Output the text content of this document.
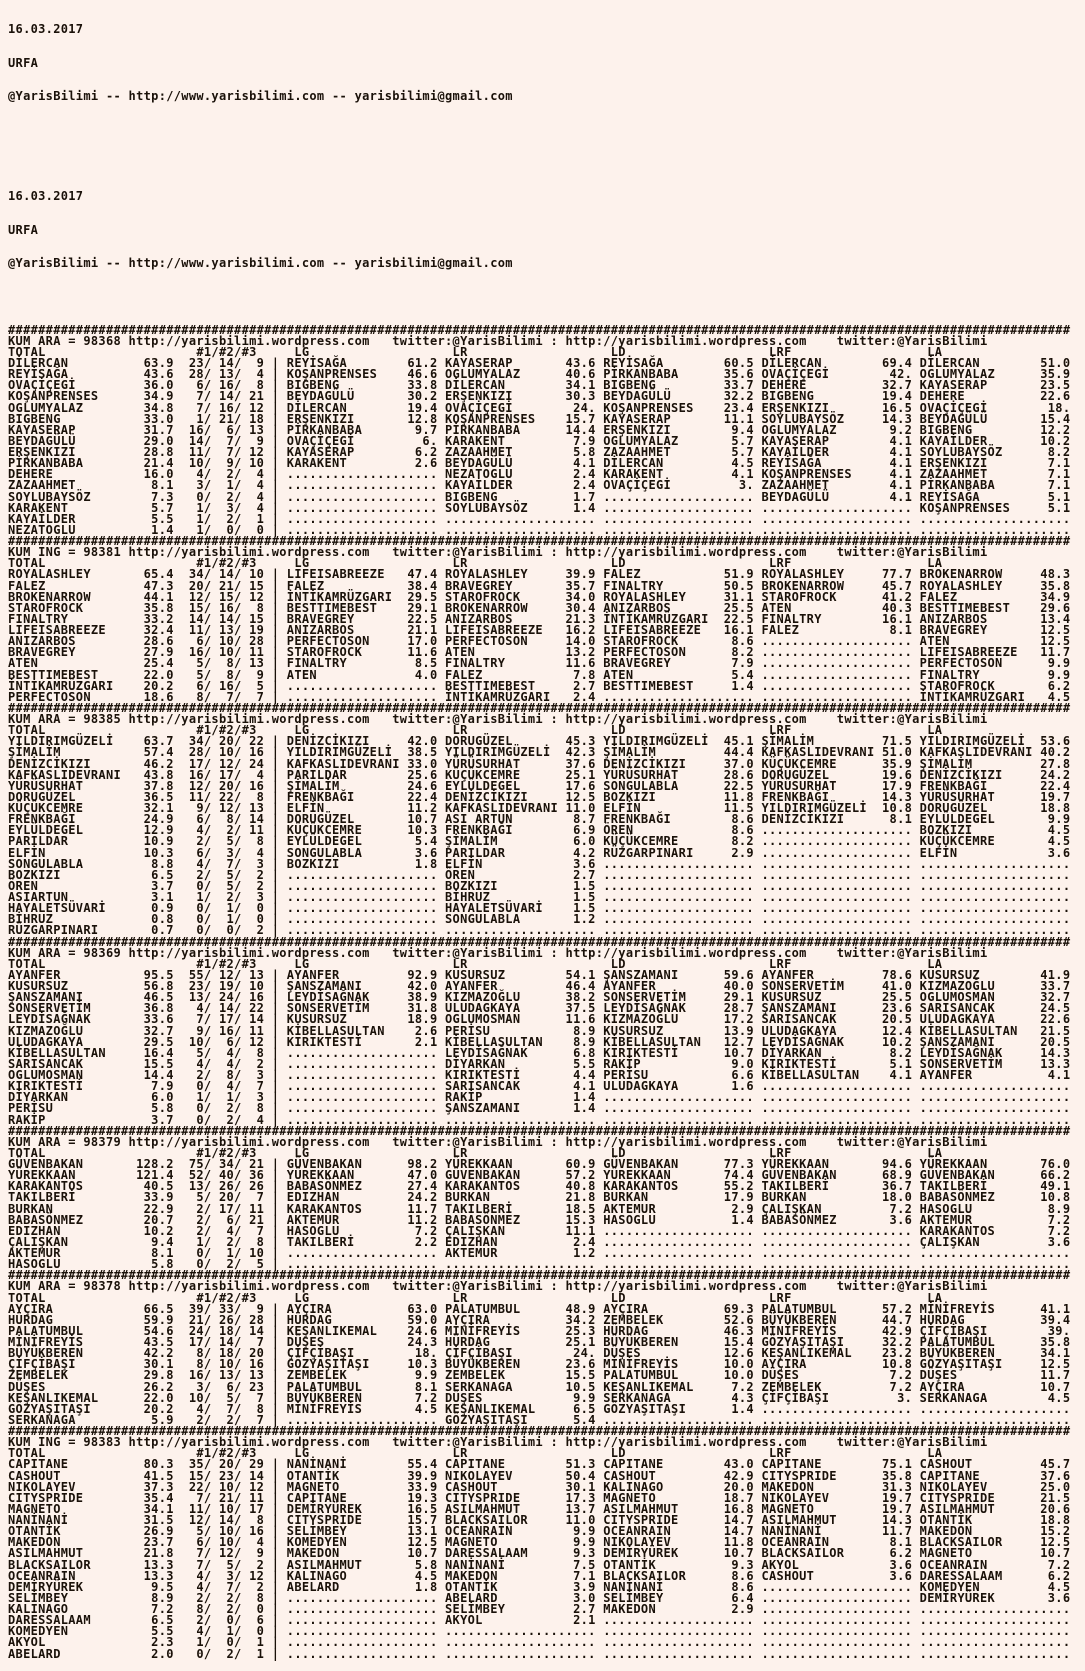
16.03.2017

URFA

@YarisBilimi -- http://www.yarisbilimi.com -- yarisbilimi@gmail.com

16.03.2017

URFA

@YarisBilimi -- http://www.yarisbilimi.com -- yarisbilimi@gmail.com

#############################################################################################################################################
KUM ARA = 98368 http://yarisbilimi.wordpress.com   twitter:@YarisBilimi : http://yarisbilimi.wordpress.com    twitter:@YarisBilimi
TOTAL                    #1/#2/#3     LG                   LR                   LD                   LRF                  LA
DİLERCAN          63.9  23/ 14/  9 | REYİSAĞA        61.2 KAYASERAP       43.6 REYİSAĞA        60.5 DİLERCAN        69.4 DİLERCAN        51.0
REYİSAĞA          43.6  28/ 13/  4 | KOŞANPRENSES    46.6 OGLUMYALAZ      40.6 PİRKANBABA      35.6 OVAÇİÇEGİ        42. OGLUMYALAZ      35.9
OVAÇİÇEGİ         36.0   6/ 16/  8 | BIGBENG         33.8 DİLERCAN        34.1 BIGBENG         33.7 DEHERE          32.7 KAYASERAP       23.5
KOŞANPRENSES      34.9   7/ 14/ 21 | BEYDAGÜLÜ       30.2 ERŞENKIZI       30.3 BEYDAGÜLÜ       32.2 BIGBENG         19.4 DEHERE          22.6
OGLUMYALAZ        34.8   7/ 16/ 12 | DİLERCAN        19.4 OVAÇİÇEGİ        24. KOŞANPRENSES    23.4 ERŞENKIZI       16.5 OVAÇİÇEGİ        18.
BIGBENG           33.0   1/ 21/ 18 | ERŞENKIZI       12.8 KOŞANPRENSES    15.7 KAYASERAP       11.1 SOYLUBAYSÖZ     14.3 BEYDAGÜLÜ       15.4
KAYASERAP         31.7  16/  6/ 13 | PİRKANBABA       9.7 PİRKANBABA      14.4 ERŞENKIZI        9.4 OGLUMYALAZ       9.2 BIGBENG         12.2
BEYDAGÜLÜ         29.0  14/  7/  9 | OVAÇİÇEGİ         6. KARAKENT         7.9 OGLUMYALAZ       5.7 KAYASERAP        4.1 KAYAİLDER       10.2
ERŞENKIZI         28.8  11/  7/ 12 | KAYASERAP        6.2 ZAZAAHMET        5.8 ZAZAAHMET        5.7 KAYAİLDER        4.1 SOYLUBAYSÖZ      8.2
PİRKANBABA        21.4  10/  9/ 10 | KARAKENT         2.6 BEYDAGÜLÜ        4.1 DİLERCAN         4.5 REYİSAĞA         4.1 ERŞENKIZI        7.1
DEHERE            16.0   4/  2/  4 | .................... NEZATOGLU        2.4 KARAKENT         4.1 KOŞANPRENSES     4.1 ZAZAAHMET        7.1
ZAZAAHMET          8.1   3/  1/  4 | .................... KAYAİLDER        2.4 OVAÇİÇEGİ         3. ZAZAAHMET        4.1 PİRKANBABA       7.1
SOYLUBAYSÖZ        7.3   0/  2/  4 | .................... BIGBENG          1.7 .................... BEYDAGÜLÜ        4.1 REYİSAĞA         5.1
KARAKENT           5.7   1/  3/  4 | .................... SOYLUBAYSÖZ      1.4 .................... .................... KOŞANPRENSES     5.1
KAYAİLDER          5.5   1/  2/  1 | .................... .................... .................... .................... ....................
NEZATOGLU          1.4   1/  0/  0 | .................... .................... .................... .................... ....................
#############################################################################################################################################
KUM ING = 98381 http://yarisbilimi.wordpress.com   twitter:@YarisBilimi : http://yarisbilimi.wordpress.com    twitter:@YarisBilimi
TOTAL                    #1/#2/#3     LG                   LR                   LD                   LRF                  LA
ROYALASHLEY       65.4  34/ 14/ 10 | LIFEISABREEZE   47.4 ROYALASHLEY     39.9 FALEZ           51.9 ROYALASHLEY     77.7 BROKENARROW     48.3
FALEZ             47.3  20/ 21/ 15 | FALEZ           38.4 BRAVEGREY       35.7 FINALTRY        50.5 BROKENARROW     45.7 ROYALASHLEY     35.8
BROKENARROW       44.1  12/ 15/ 12 | İNTİKAMRÜZGARI  29.5 STAROFROCK      34.0 ROYALASHLEY     31.1 STAROFROCK      41.2 FALEZ           34.9
STAROFROCK        35.8  15/ 16/  8 | BESTTIMEBEST    29.1 BROKENARROW     30.4 ANIZARBOS       25.5 ATEN            40.3 BESTTIMEBEST    29.6
FINALTRY          33.2  14/ 14/ 15 | BRAVEGREY       22.5 ANIZARBOS       21.3 İNTİKAMRÜZGARI  22.5 FINALTRY        16.1 ANIZARBOS       13.4
LIFEISABREEZE     32.4  11/ 13/ 19 | ANIZARBOS       21.1 LIFEISABREEZE   16.2 LIFEISABREEZE   16.1 FALEZ            8.1 BRAVEGREY       12.5
ANIZARBOS         28.6   6/ 10/ 28 | PERFECTOSON     17.0 PERFECTOSON     14.0 STAROFROCK       8.6 .................... ATEN            12.5
BRAVEGREY         27.9  16/ 10/ 11 | STAROFROCK      11.6 ATEN            13.2 PERFECTOSON      8.2 .................... LIFEISABREEZE   11.7
ATEN              25.4   5/  8/ 13 | FINALTRY         8.5 FINALTRY        11.6 BRAVEGREY        7.9 .................... PERFECTOSON      9.9
BESTTIMEBEST      22.0   5/  8/  9 | ATEN             4.0 FALEZ            7.8 ATEN             5.4 .................... FINALTRY         9.9
İNTİKAMRÜZGARI    20.2   6/ 16/  5 | .................... BESTTIMEBEST     2.7 BESTTIMEBEST     1.4 .................... STAROFROCK       6.2
PERFECTOSON       18.6   8/  7/  7 | .................... İNTİKAMRÜZGARI   2.4 .................... .................... İNTİKAMRÜZGARI   4.5
#############################################################################################################################################
KUM ARA = 98385 http://yarisbilimi.wordpress.com   twitter:@YarisBilimi : http://yarisbilimi.wordpress.com    twitter:@YarisBilimi
TOTAL                    #1/#2/#3     LG                   LR                   LD                   LRF                  LA
YILDIRIMGÜZELİ    63.7  34/ 20/ 22 | DENİZCİKIZI     42.0 DORUGÜZEL       45.3 YILDIRIMGÜZELİ  45.1 ŞİMALİM         71.5 YILDIRIMGÜZELİ  53.6
ŞİMALİM           57.4  28/ 10/ 16 | YILDIRIMGÜZELİ  38.5 YILDIRIMGÜZELİ  42.3 ŞİMALİM         44.4 KAFKASLIDEVRANI 51.0 KAFKASLIDEVRANI 40.2
DENİZCİKIZI       46.2  17/ 12/ 24 | KAFKASLIDEVRANI 33.0 YÜRÜSURHAT      37.6 DENİZCİKIZI     37.0 KÜÇÜKCEMRE      35.9 ŞİMALİM         27.8
KAFKASLIDEVRANI   43.8  16/ 17/  4 | PARILDAR        25.6 KÜÇÜKCEMRE      25.1 YÜRÜSURHAT      28.6 DORUGÜZEL       19.6 DENİZCİKIZI     24.2
YÜRÜSURHAT        37.8  12/ 20/ 16 | ŞİMALİM         24.6 EYLÜLDEGEL      17.6 SONGULABLA      22.5 YÜRÜSURHAT      17.9 FRENKBAĞI       22.4
DORUGÜZEL         36.5  11/ 22/  8 | FRENKBAĞI       22.4 DENİZCİKIZI     12.5 BOZKIZI         11.8 FRENKBAĞI       14.3 YÜRÜSURHAT      19.7
KÜÇÜKCEMRE        32.1   9/ 12/ 13 | ELFİN           11.2 KAFKASLIDEVRANI 11.0 ELFİN           11.5 YILDIRIMGÜZELİ  10.8 DORUGÜZEL       18.8
FRENKBAĞI         24.9   6/  8/ 14 | DORUGÜZEL       10.7 ASI ARTUN        8.7 FRENKBAĞI        8.6 DENİZCİKIZI      8.1 EYLÜLDEGEL       9.9
EYLÜLDEGEL        12.9   4/  2/ 11 | KÜÇÜKCEMRE      10.3 FRENKBAĞI        6.9 ÖREN             8.6 .................... BOZKIZI          4.5
PARILDAR          10.9   2/  5/  8 | EYLÜLDEGEL       5.4 ŞİMALİM          6.0 KÜÇÜKCEMRE       8.2 .................... KÜÇÜKCEMRE       4.5
ELFİN             10.3   6/  3/  4 | SONGULABLA       3.6 PARILDAR         4.2 RÜZGARPINARI     2.9 .................... ELFİN            3.6
SONGULABLA         8.8   4/  7/  3 | BOZKIZI          1.8 ELFİN            3.6 .................... .................... ....................
BOZKIZI            6.5   2/  5/  2 | .................... ÖREN             2.7 .................... .................... ....................
ÖREN               3.7   0/  5/  2 | .................... BOZKIZI          1.5 .................... .................... ....................
ASIARTUN           3.1   1/  2/  3 | .................... BİHRUZ           1.5 .................... .................... ....................
HAYALETSÜVARİ      0.9   0/  1/  0 | .................... HAYALETSÜVARİ    1.5 .................... .................... ....................
BİHRUZ             0.8   0/  1/  0 | .................... SONGULABLA       1.2 .................... .................... ....................
RÜZGARPINARI       0.7   0/  0/  2 | .................... .................... .................... .................... ....................
#############################################################################################################################################
KUM ARA = 98369 http://yarisbilimi.wordpress.com   twitter:@YarisBilimi : http://yarisbilimi.wordpress.com    twitter:@YarisBilimi
TOTAL                    #1/#2/#3     LG                   LR                   LD                   LRF                  LA
AYANFER           95.5  55/ 12/ 13 | AYANFER         92.9 KUSURSUZ        54.1 ŞANSZAMANI      59.6 AYANFER         78.6 KUSURSUZ        41.9
KUSURSUZ          56.8  23/ 19/ 10 | ŞANSZAMANI      42.0 AYANFER         46.4 AYANFER         40.0 SONSERVETİM     41.0 KIZMAZOĞLU      33.7
ŞANSZAMANI        46.5  13/ 24/ 16 | LEYDİSAĞNAK     38.9 KIZMAZOĞLU      38.2 SONSERVETİM     29.1 KUSURSUZ        25.5 OGLUMOSMAN      32.7
SONSERVETİM       36.8   4/ 14/ 22 | SONSERVETİM     31.8 ULUDAGKAYA      37.5 LEYDİSAĞNAK     28.7 ŞANSZAMANI      23.6 SARISANCAK      24.5
LEYDİSAĞNAK       33.6   7/ 17/ 14 | KUSURSUZ        18.9 OGLUMOSMAN      11.6 KIZMAZOĞLU      17.2 SARISANCAK      20.5 ULUDAGKAYA      22.6
KIZMAZOĞLU        32.7   9/ 16/ 11 | KİBELLASULTAN    2.6 PERİSU           8.9 KUSURSUZ        13.9 ULUDAGKAYA      12.4 KİBELLASULTAN   21.5
ULUDAGKAYA        29.5  10/  6/ 12 | KIRIKTESTİ       2.1 KİBELLASULTAN    8.9 KİBELLASULTAN   12.7 LEYDİSAĞNAK     10.2 ŞANSZAMANI      20.5
KİBELLASULTAN     16.4   5/  4/  8 | .................... LEYDİSAĞNAK      6.8 KIRIKTESTİ      10.7 DİYARKAN         8.2 LEYDİSAĞNAK     14.3
SARISANCAK        15.5   4/  4/  2 | .................... DİYARKAN         5.5 RAKİP            9.0 KIRIKTESTİ       5.1 SONSERVETİM     13.3
OGLUMOSMAN        14.4   2/  8/  3 | .................... KIRIKTESTİ       4.4 PERİSU           6.6 KİBELLASULTAN    4.1 AYANFER          4.1
KIRIKTESTİ         7.9   0/  4/  7 | .................... SARISANCAK       4.1 ULUDAGKAYA       1.6 .................... ....................
DİYARKAN           6.0   1/  1/  3 | .................... RAKİP            1.4 .................... .................... ....................
PERİSU             5.8   0/  2/  8 | .................... ŞANSZAMANI       1.4 .................... .................... ....................
RAKİP              3.7   0/  2/  4 | .................... .................... .................... .................... ....................
#############################################################################################################################################
KUM ARA = 98379 http://yarisbilimi.wordpress.com   twitter:@YarisBilimi : http://yarisbilimi.wordpress.com    twitter:@YarisBilimi
TOTAL                    #1/#2/#3     LG                   LR                   LD                   LRF                  LA
GÜVENBAKAN       128.2  75/ 34/ 21 | GÜVENBAKAN      98.2 YÜREKKAAN       60.9 GÜVENBAKAN      77.3 YÜREKKAAN       94.6 YÜREKKAAN       76.0
YÜREKKAAN        121.4  52/ 40/ 36 | YÜREKKAAN       47.0 GÜVENBAKAN      57.2 YÜREKKAAN       74.4 GÜVENBAKAN      68.9 GÜVENBAKAN      66.2
KARAKANTOS        40.5  13/ 26/ 26 | BABASÖNMEZ      27.4 KARAKANTOS      40.8 KARAKANTOS      55.2 TAKILBERİ       36.7 TAKILBERİ       49.1
TAKILBERİ         33.9   5/ 20/  7 | EDIZHAN         24.2 BURKAN          21.8 BURKAN          17.9 BURKAN          18.0 BABASÖNMEZ      10.8
BURKAN            22.9   2/ 17/ 11 | KARAKANTOS      11.7 TAKILBERİ       18.5 AKTEMUR          2.9 ÇALIŞKAN         7.2 HASOGLU          8.9
BABASÖNMEZ        20.7   2/  6/ 21 | AKTEMUR         11.2 BABASÖNMEZ      15.3 HASOGLU          1.4 BABASÖNMEZ       3.6 AKTEMUR          7.2
EDIZHAN           10.2   2/  4/  7 | HASOGLU          7.2 ÇALIŞKAN        11.1 .................... .................... KARAKANTOS       7.2
ÇALIŞKAN           9.4   1/  2/  8 | TAKILBERİ        2.2 EDIZHAN          2.4 .................... .................... ÇALIŞKAN         3.6
AKTEMUR            8.1   0/  1/ 10 | .................... AKTEMUR          1.2 .................... .................... ....................
HASOGLU            5.8   0/  2/  5 | .................... .................... .................... .................... ....................
#############################################################################################################################################
KUM ARA = 98378 http://yarisbilimi.wordpress.com   twitter:@YarisBilimi : http://yarisbilimi.wordpress.com    twitter:@YarisBilimi
TOTAL                    #1/#2/#3     LG                   LR                   LD                   LRF                  LA
AYÇIRA            66.5  39/ 33/  9 | AYÇIRA          63.0 PALATUMBUL      48.9 AYÇIRA          69.3 PALATUMBUL      57.2 MİNİFREYİS      41.1
HÜRDAG            59.9  21/ 26/ 28 | HÜRDAG          59.0 AYÇIRA          34.2 ZEMBELEK        52.6 BÜYÜKBEREN      44.7 HÜRDAG          39.4
PALATUMBUL        54.6  24/ 18/ 14 | KEŞANLIKEMAL    24.6 MİNİFREYİS      25.3 HÜRDAG          46.3 MİNİFREYİS      42.9 ÇİFÇİBAŞI        39.
MİNİFREYİS        43.5  17/ 14/  7 | DÜŞES           24.3 HÜRDAG          25.1 BÜYÜKBEREN      15.4 GÖZYAŞITAŞI     32.2 PALATUMBUL      35.8
BÜYÜKBEREN        42.2   8/ 18/ 20 | ÇİFÇİBAŞI        18. ÇİFÇİBAŞI        24. DÜŞES           12.6 KEŞANLIKEMAL    23.2 BÜYÜKBEREN      34.1
ÇİFÇİBAŞI         30.1   8/ 10/ 16 | GÖZYAŞITAŞI     10.3 BÜYÜKBEREN      23.6 MİNİFREYİS      10.0 AYÇIRA          10.8 GÖZYAŞITAŞI     12.5
ZEMBELEK          29.8  16/ 13/ 13 | ZEMBELEK         9.9 ZEMBELEK        15.5 PALATUMBUL      10.0 DÜŞES            7.2 DÜŞES           11.7
DÜŞES             26.2   3/  6/ 23 | PALATUMBUL       8.1 SERKANAGA       10.5 KEŞANLIKEMAL     7.2 ZEMBELEK         7.2 AYÇIRA          10.7
KEŞANLIKEMAL      22.0  10/  5/  7 | BÜYÜKBEREN       7.2 DÜŞES            9.9 SERKANAGA        4.3 ÇİFÇİBAŞI         3. SERKANAGA        4.5
GÖZYAŞITAŞI       20.2   4/  7/  8 | MİNİFREYİS       4.5 KEŞANLIKEMAL     6.5 GÖZYAŞITAŞI      1.4 .................... ....................
SERKANAGA          5.9   2/  2/  7 | .................... GÖZYAŞITAŞI      5.4 .................... .................... ....................
#############################################################################################################################################
KUM ING = 98383 http://yarisbilimi.wordpress.com   twitter:@YarisBilimi : http://yarisbilimi.wordpress.com    twitter:@YarisBilimi
TOTAL                    #1/#2/#3     LG                   LR                   LD                   LRF                  LA
CAPITANE          80.3  35/ 20/ 29 | NANİNANİ        55.4 CAPITANE        51.3 CAPITANE        43.0 CAPITANE        75.1 CASHOUT         45.7
CASHOUT           41.5  15/ 23/ 14 | OTANTİK         39.9 NIKOLAYEV       50.4 CASHOUT         42.9 CITYSPRIDE      35.8 CAPITANE        37.6
NIKOLAYEV         37.3  22/ 10/ 12 | MAGNETO         33.9 CASHOUT         30.1 KALINAGO        20.0 MAKEDON         31.3 NIKOLAYEV       25.0
CITYSPRIDE        35.4   7/ 21/ 11 | CAPITANE        19.3 CITYSPRIDE      17.3 MAGNETO         18.7 NIKOLAYEV       19.7 CITYSPRIDE      21.5
MAGNETO           34.1  11/ 10/ 17 | DEMİRYÜREK      16.5 ASILMAHMUT      13.7 ASILMAHMUT      16.8 MAGNETO         19.7 ASILMAHMUT      20.6
NANİNANİ          31.5  12/ 14/  8 | CITYSPRIDE      15.7 BLACKSAILOR     11.0 CITYSPRIDE      14.7 ASILMAHMUT      14.3 OTANTİK         18.8
OTANTİK           26.9   5/ 10/ 16 | SELİMBEY        13.1 OCEANRAIN        9.9 OCEANRAIN       14.7 NANİNANİ        11.7 MAKEDON         15.2
MAKEDON           23.7   6/ 10/  4 | KOMEDYEN        12.5 MAGNETO          9.9 NIKOLAYEV       11.8 OCEANRAIN        8.1 BLACKSAILOR     12.5
ASILMAHMUT        21.8   7/ 12/  9 | MAKEDON         10.7 DARESSALAAM      9.3 DEMİRYÜREK      10.7 BLACKSAILOR      6.2 MAGNETO         10.7
BLACKSAILOR       13.3   7/  5/  2 | ASILMAHMUT       5.8 NANİNANİ         7.5 OTANTİK          9.3 AKYOL            3.6 OCEANRAIN        7.2
OCEANRAIN         13.3   4/  3/ 12 | KALINAGO         4.5 MAKEDON          7.1 BLACKSAILOR      8.6 CASHOUT          3.6 DARESSALAAM      6.2
DEMİRYÜREK         9.5   4/  7/  2 | ABELARD          1.8 OTANTİK          3.9 NANİNANİ         8.6 .................... KOMEDYEN         4.5
SELİMBEY           8.9   2/  2/  8 | .................... ABELARD          3.0 SELİMBEY         6.4 .................... DEMİRYÜREK       3.6
KALINAGO           7.2   8/  2/  0 | .................... SELİMBEY         2.7 MAKEDON          2.9 .................... ....................
DARESSALAAM        6.5   2/  0/  6 | .................... AKYOL            2.1 .................... .................... ....................
KOMEDYEN           5.5   4/  1/  0 | .................... .................... .................... .................... ....................
AKYOL              2.3   1/  0/  1 | .................... .................... .................... .................... ....................
ABELARD            2.0   0/  2/  1 | .................... .................... .................... .................... ....................
